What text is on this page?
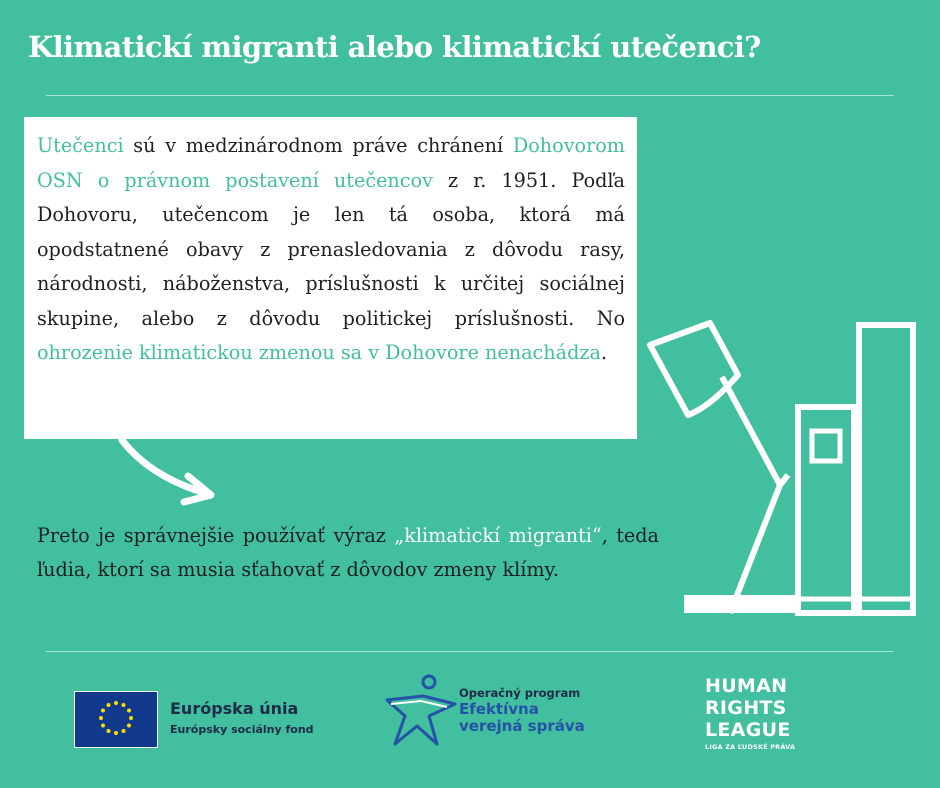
Klimatickí migranti alebo klimatickí utečenci?

Utečenci sú v medzinárodnom práve chránení Dohovorom OSN o právnom postavení utečencov z r. 1951. Podľa Dohovoru, utečencom je len tá osoba, ktorá má opodstatnené obavy z prenasledovania z dôvodu rasy, národnosti, náboženstva, príslušnosti k určitej sociálnej skupine, alebo z dôvodu politickej príslušnosti. No ohrozenie klimatickou zmenou sa v Dohovore nenachádza.

Preto je správnejšie používať výraz „klimatickí migranti“, teda ľudia, ktorí sa musia sťahovať z dôvodov zmeny klímy.

Európska únia
Európsky sociálny fond
Operačný program
Efektívna
verejná správa
HUMAN
RIGHTS
LEAGUE
LIGA ZA ĽUDSKÉ PRÁVA
